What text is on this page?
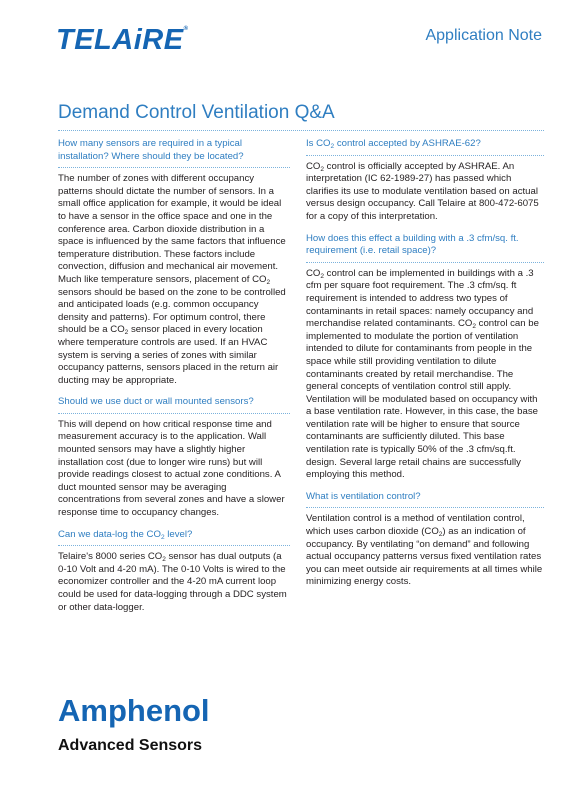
TELAiRE®	Application Note
Demand Control Ventilation Q&A

How many sensors are required in a typical installation? Where should they be located?

The number of zones with different occupancy patterns should dictate the number of sensors. In a small office application for example, it would be ideal to have a sensor in the office space and one in the conference area. Carbon dioxide distribution in a space is influenced by the same factors that influence temperature distribution. These factors include convection, diffusion and mechanical air movement. Much like temperature sensors, placement of $CO_2$ sensors should be based on the zone to be controlled and anticipated loads (e.g. common occupancy density and patterns). For optimum control, there should be a $CO_2$ sensor placed in every location where temperature controls are used. If an HVAC system is serving a series of zones with similar occupancy patterns, sensors placed in the return air ducting may be appropriate.

Should we use duct or wall mounted sensors?

This will depend on how critical response time and measurement accuracy is to the application. Wall mounted sensors may have a slightly higher installation cost (due to longer wire runs) but will provide readings closest to actual zone conditions. A duct mounted sensor may be averaging concentrations from several zones and have a slower response time to occupancy changes.

Can we data-log the $CO_2$ level?

Telaire's 8000 series $CO_2$ sensor has dual outputs (a 0-10 Volt and 4-20 mA). The 0-10 Volts is wired to the economizer controller and the 4-20 mA current loop could be used for data-logging through a DDC system or other data-logger.

Is $CO_2$ control accepted by ASHRAE-62?

$CO_2$ control is officially accepted by ASHRAE. An interpretation (IC 62-1989-27) has passed which clarifies its use to modulate ventilation based on actual versus design occupancy. Call Telaire at 800-472-6075 for a copy of this interpretation.

How does this effect a building with a .3 cfm/sq. ft. requirement (i.e. retail space)?

$CO_2$ control can be implemented in buildings with a .3 cfm per square foot requirement. The .3 cfm/sq. ft requirement is intended to address two types of contaminants in retail spaces: namely occupancy and merchandise related contaminants. $CO_2$ control can be implemented to modulate the portion of ventilation intended to dilute for contaminants from people in the space while still providing ventilation to dilute contaminants created by retail merchandise. The general concepts of ventilation control still apply. Ventilation will be modulated based on occupancy with a base ventilation rate. However, in this case, the base ventilation rate will be higher to ensure that source contaminants are sufficiently diluted. This base ventilation rate is typically 50% of the .3 cfm/sq.ft. design. Several large retail chains are successfully employing this method.

What is ventilation control?

Ventilation control is a method of ventilation control, which uses carbon dioxide $(CO_2)$ as an indication of occupancy. By ventilating “on demand” and following actual occupancy patterns versus fixed ventilation rates you can meet outside air requirements at all times while minimizing energy costs.

Amphenol
Advanced Sensors
